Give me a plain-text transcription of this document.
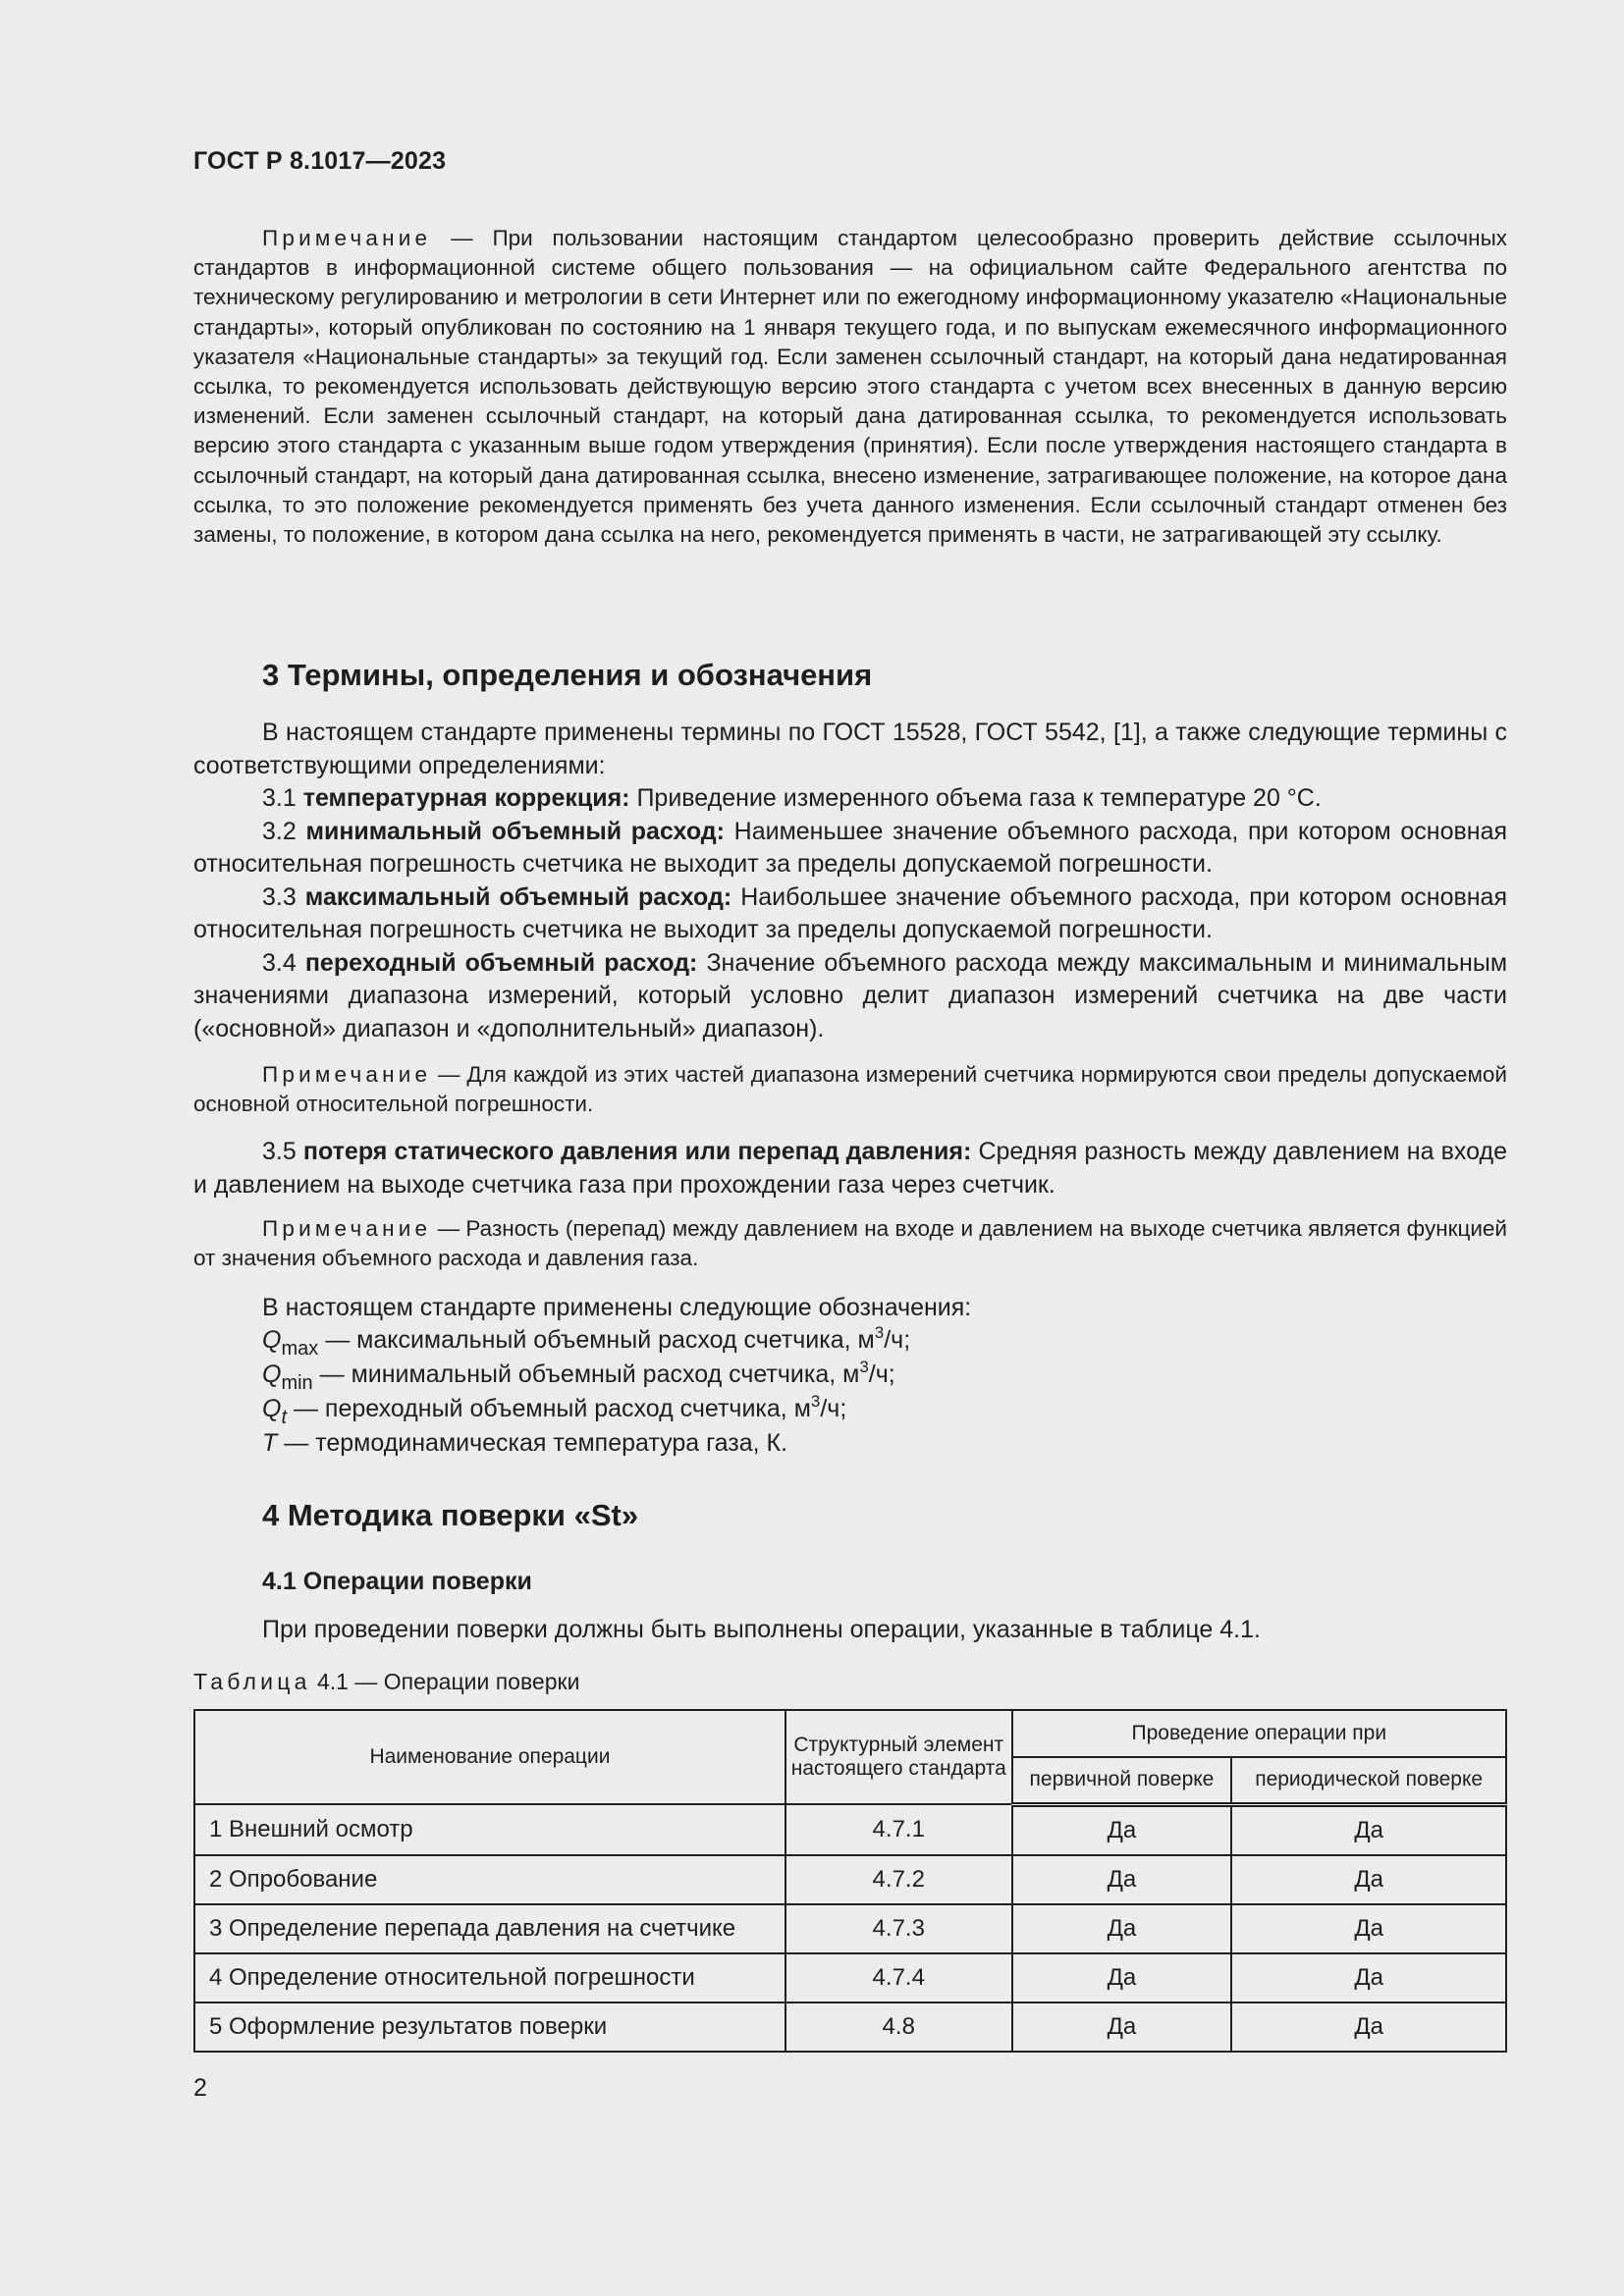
ГОСТ Р 8.1017—2023

Примечание — При пользовании настоящим стандартом целесообразно проверить действие ссылочных стандартов в информационной системе общего пользования — на официальном сайте Федерального агентства по техническому регулированию и метрологии в сети Интернет или по ежегодному информационному указателю «Национальные стандарты», который опубликован по состоянию на 1 января текущего года, и по выпускам ежемесячного информационного указателя «Национальные стандарты» за текущий год. Если заменен ссылочный стандарт, на который дана недатированная ссылка, то рекомендуется использовать действующую версию этого стандарта с учетом всех внесенных в данную версию изменений. Если заменен ссылочный стандарт, на который дана датированная ссылка, то рекомендуется использовать версию этого стандарта с указанным выше годом утверждения (принятия). Если после утверждения настоящего стандарта в ссылочный стандарт, на который дана датированная ссылка, внесено изменение, затрагивающее положение, на которое дана ссылка, то это положение рекомендуется применять без учета данного изменения. Если ссылочный стандарт отменен без замены, то положение, в котором дана ссылка на него, рекомендуется применять в части, не затрагивающей эту ссылку.

3 Термины, определения и обозначения

В настоящем стандарте применены термины по ГОСТ 15528, ГОСТ 5542, [1], а также следующие термины с соответствующими определениями:

3.1 температурная коррекция: Приведение измеренного объема газа к температуре 20 °С.

3.2 минимальный объемный расход: Наименьшее значение объемного расхода, при котором основная относительная погрешность счетчика не выходит за пределы допускаемой погрешности.

3.3 максимальный объемный расход: Наибольшее значение объемного расхода, при котором основная относительная погрешность счетчика не выходит за пределы допускаемой погрешности.

3.4 переходный объемный расход: Значение объемного расхода между максимальным и минимальным значениями диапазона измерений, который условно делит диапазон измерений счетчика на две части («основной» диапазон и «дополнительный» диапазон).

Примечание — Для каждой из этих частей диапазона измерений счетчика нормируются свои пределы допускаемой основной относительной погрешности.

3.5 потеря статического давления или перепад давления: Средняя разность между давлением на входе и давлением на выходе счетчика газа при прохождении газа через счетчик.

Примечание — Разность (перепад) между давлением на входе и давлением на выходе счетчика является функцией от значения объемного расхода и давления газа.

В настоящем стандарте применены следующие обозначения:
$Q_{max}$ — максимальный объемный расход счетчика, $м^3/ч$;
$Q_{min}$ — минимальный объемный расход счетчика, $м^3/ч$;
$Q_t$ — переходный объемный расход счетчика, $м^3/ч$;
T — термодинамическая температура газа, К.
4 Методика поверки «St»
4.1 Операции поверки
При проведении поверки должны быть выполнены операции, указанные в таблице 4.1.
Таблица 4.1 — Операции поверки
Наименование операции	Структурный элемент настоящего стандарта	Проведение операции при	
		первичной поверке	периодической поверке
1 Внешний осмотр	4.7.1	Да	Да
2 Опробование	4.7.2	Да	Да
3 Определение перепада давления на счетчике	4.7.3	Да	Да
4 Определение относительной погрешности	4.7.4	Да	Да
5 Оформление результатов поверки	4.8	Да	Да
2
